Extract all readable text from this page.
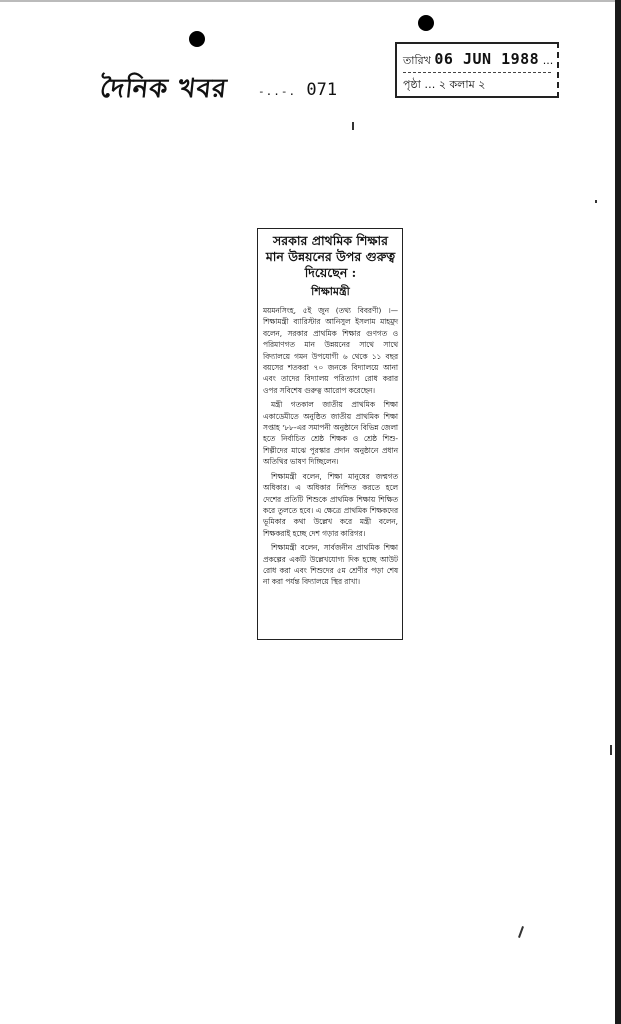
দৈনিক খবর	-..-. 071
তারিখ 06 JUN 1988 ...
পৃষ্ঠা … ২ কলাম ২
সরকার প্রাথমিক শিক্ষার মান উন্নয়নের উপর গুরুত্ব দিয়েছেন :
শিক্ষামন্ত্রী

ময়মনসিংহ, ৫ই জুন (তথ্য বিবরণী) ।— শিক্ষামন্ত্রী ব্যারিস্টার আনিসুল ইসলাম মাহমুদ বলেন, সরকার প্রাথমিক শিক্ষার গুণগত ও পরিমাণগত মান উন্নয়নের সাথে সাথে বিদ্যালয়ে গমন উপযোগী ৬ থেকে ১১ বছর বয়সের শতকরা ৭০ জনকে বিদ্যালয়ে আনা এবং তাদের বিদ্যালয় পরিত্যাগ রোধ করার ওপর সবিশেষ গুরুত্ব আরোপ করেছেন।

মন্ত্রী গতকাল জাতীয় প্রাথমিক শিক্ষা একাডেমীতে অনুষ্ঠিত জাতীয় প্রাথমিক শিক্ষা সপ্তাহ '৮৮-এর সমাপনী অনুষ্ঠানে বিভিন্ন জেলা হতে নির্বাচিত শ্রেষ্ঠ শিক্ষক ও শ্রেষ্ঠ শিশু-শিল্পীদের মাঝে পুরস্কার প্রদান অনুষ্ঠানে প্রধান অতিথির ভাষণ দিচ্ছিলেন।

শিক্ষামন্ত্রী বলেন, শিক্ষা মানুষের জন্মগত অধিকার। এ অধিকার নিশ্চিত করতে হলে দেশের প্রতিটি শিশুকে প্রাথমিক শিক্ষায় শিক্ষিত করে তুলতে হবে। এ ক্ষেত্রে প্রাথমিক শিক্ষকদের ভূমিকার কথা উল্লেখ করে মন্ত্রী বলেন, শিক্ষকরাই হচ্ছে দেশ গড়ার কারিগর।

শিক্ষামন্ত্রী বলেন, সার্বজনীন প্রাথমিক শিক্ষা প্রকল্পের একটি উল্লেখযোগ্য দিক হচ্ছে আউট রোধ করা এবং শিশুদের ৫ম শ্রেণীর পড়া শেষ না করা পর্যন্ত বিদ্যালয়ে স্থির রাখা।
